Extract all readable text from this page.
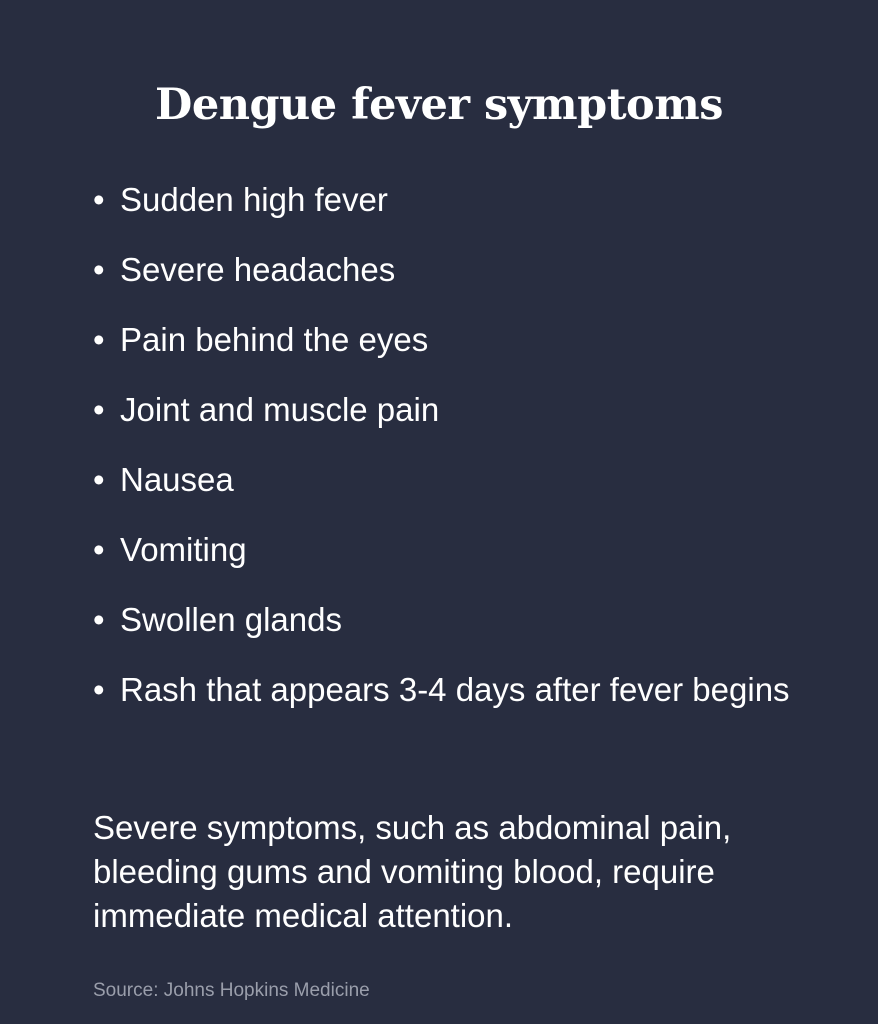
Dengue fever symptoms
• Sudden high fever
• Severe headaches
• Pain behind the eyes
• Joint and muscle pain
• Nausea
• Vomiting
• Swollen glands
• Rash that appears 3-4 days after fever begins

Severe symptoms, such as abdominal pain, bleeding gums and vomiting blood, require immediate medical attention.

Source: Johns Hopkins Medicine
